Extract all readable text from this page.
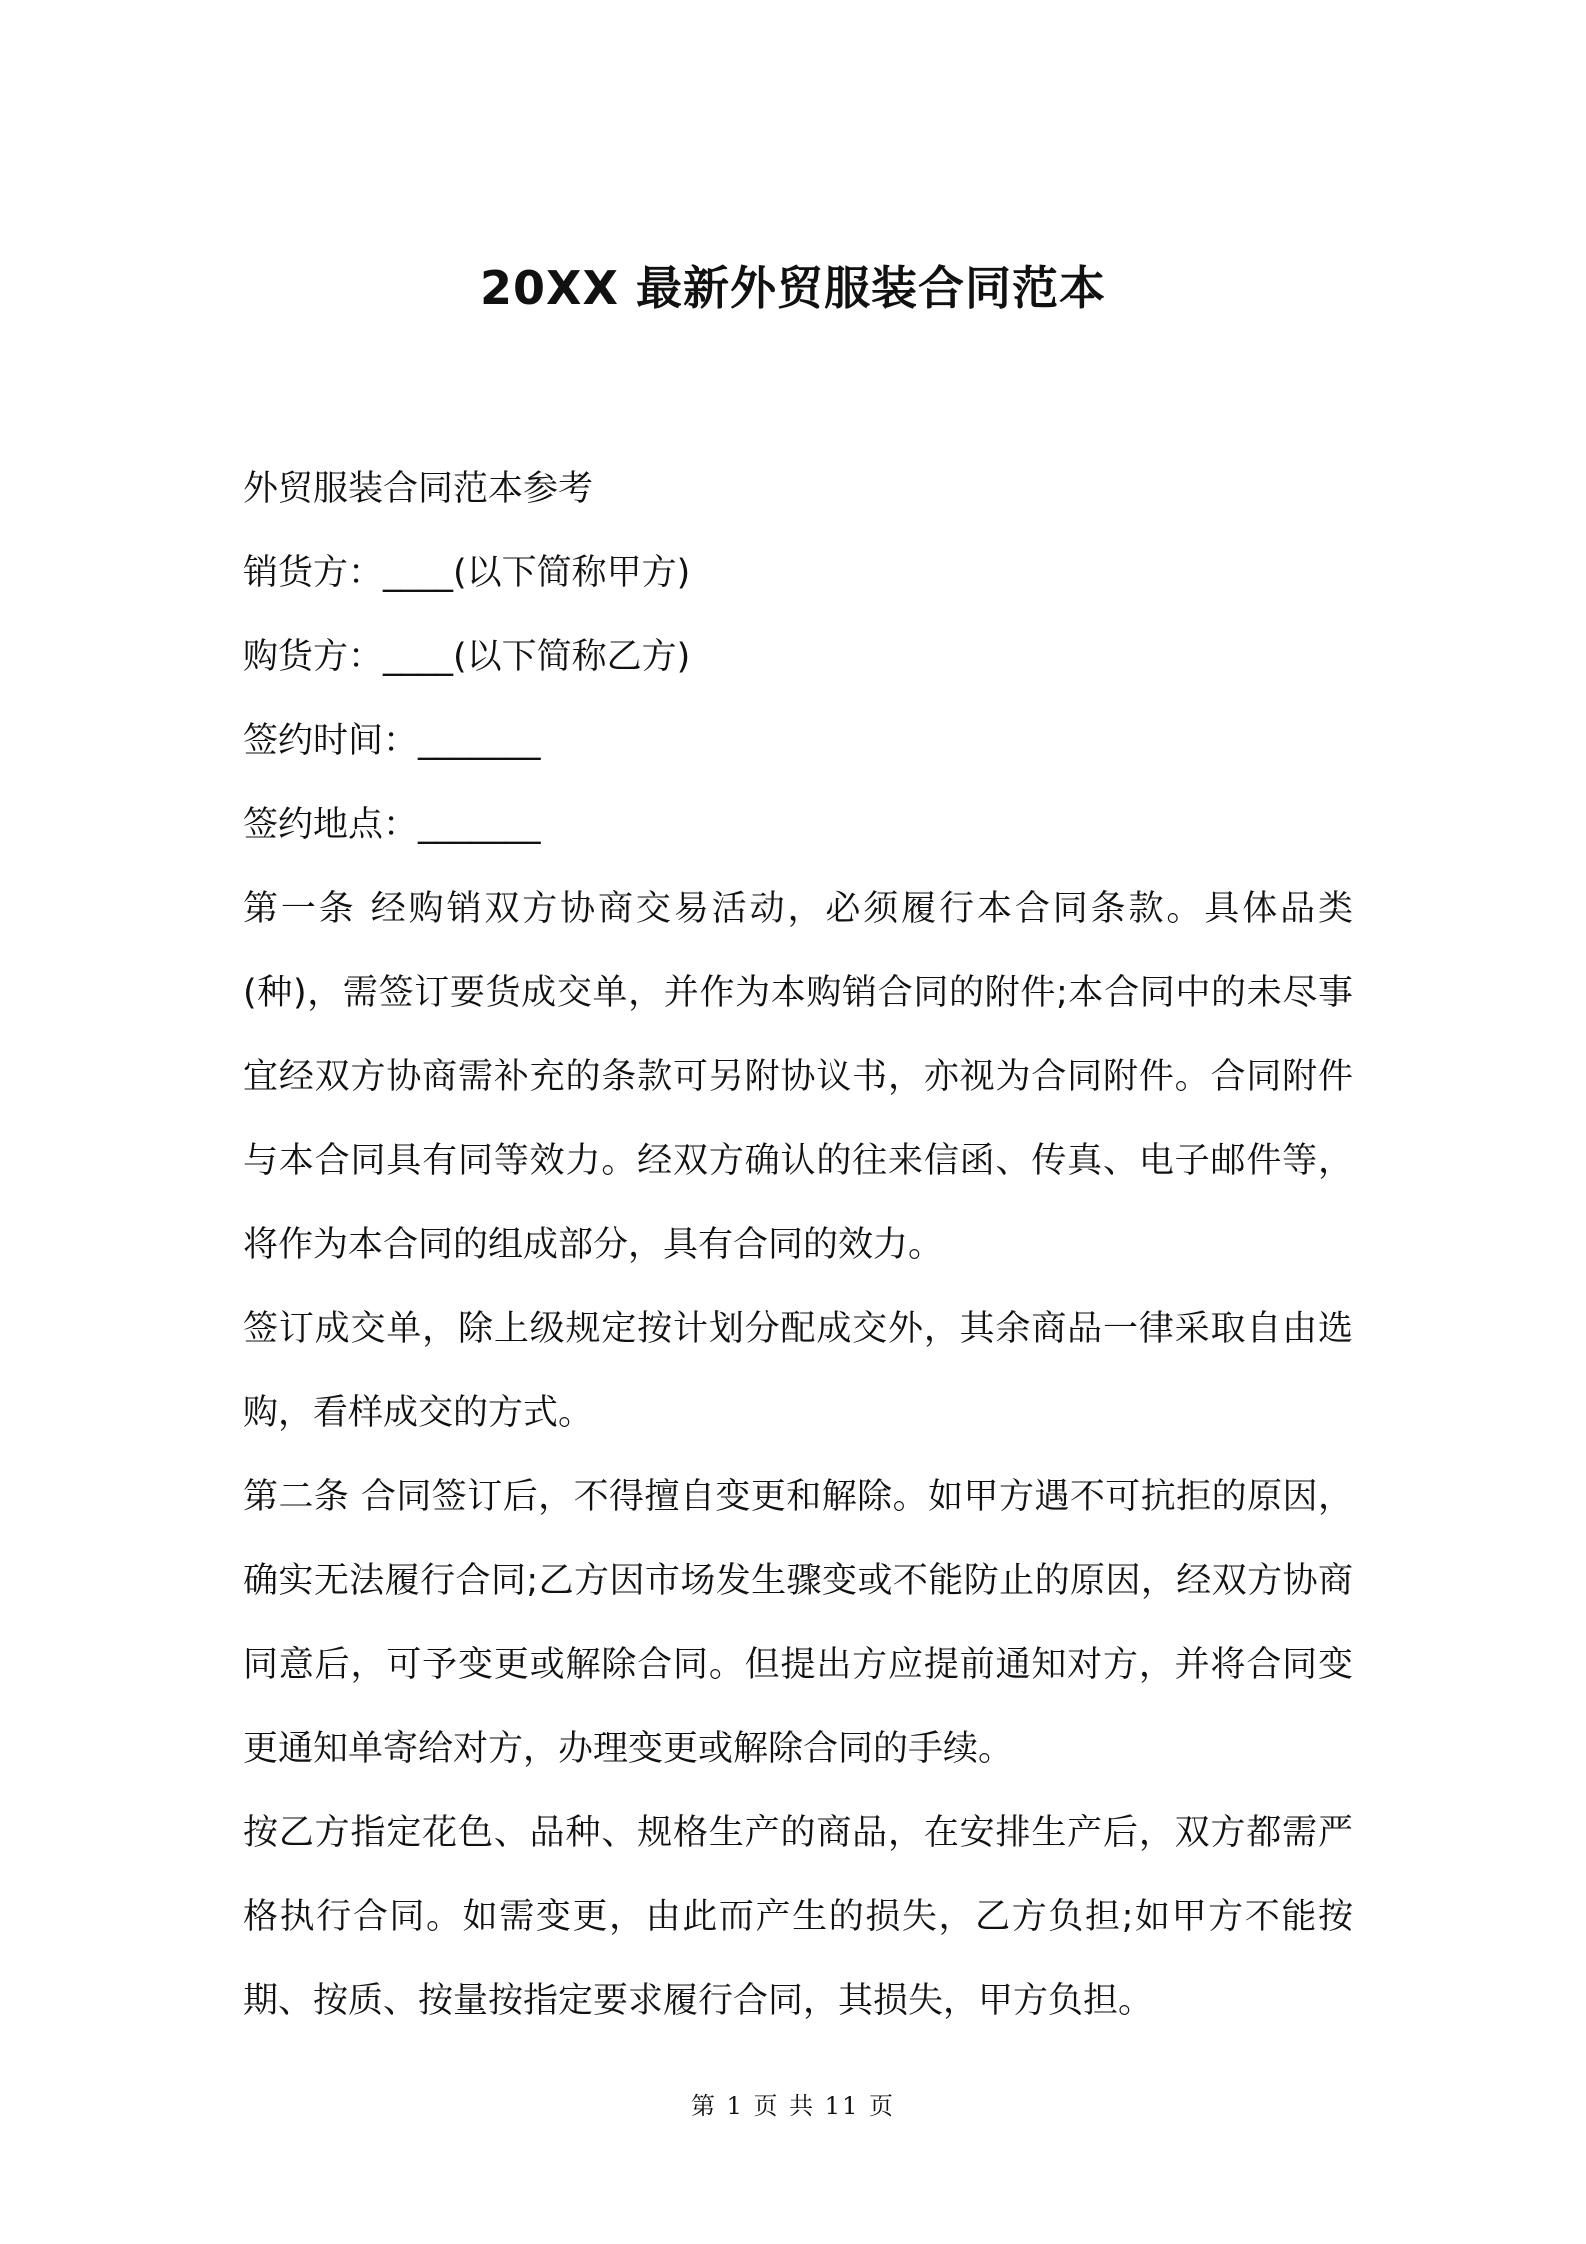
20XX 最新外贸服装合同范本

外贸服装合同范本参考

销货方：____(以下简称甲方)

购货方：____(以下简称乙方)

签约时间：_______

签约地点：_______

第一条 经购销双方协商交易活动，必须履行本合同条款。具体品类(种)，需签订要货成交单，并作为本购销合同的附件;本合同中的未尽事宜经双方协商需补充的条款可另附协议书，亦视为合同附件。合同附件与本合同具有同等效力。经双方确认的往来信函、传真、电子邮件等，将作为本合同的组成部分，具有合同的效力。

签订成交单，除上级规定按计划分配成交外，其余商品一律采取自由选购，看样成交的方式。

第二条 合同签订后，不得擅自变更和解除。如甲方遇不可抗拒的原因，确实无法履行合同;乙方因市场发生骤变或不能防止的原因，经双方协商同意后，可予变更或解除合同。但提出方应提前通知对方，并将合同变更通知单寄给对方，办理变更或解除合同的手续。

按乙方指定花色、品种、规格生产的商品，在安排生产后，双方都需严格执行合同。如需变更，由此而产生的损失，乙方负担;如甲方不能按期、按质、按量按指定要求履行合同，其损失，甲方负担。

第 1 页 共 11 页
